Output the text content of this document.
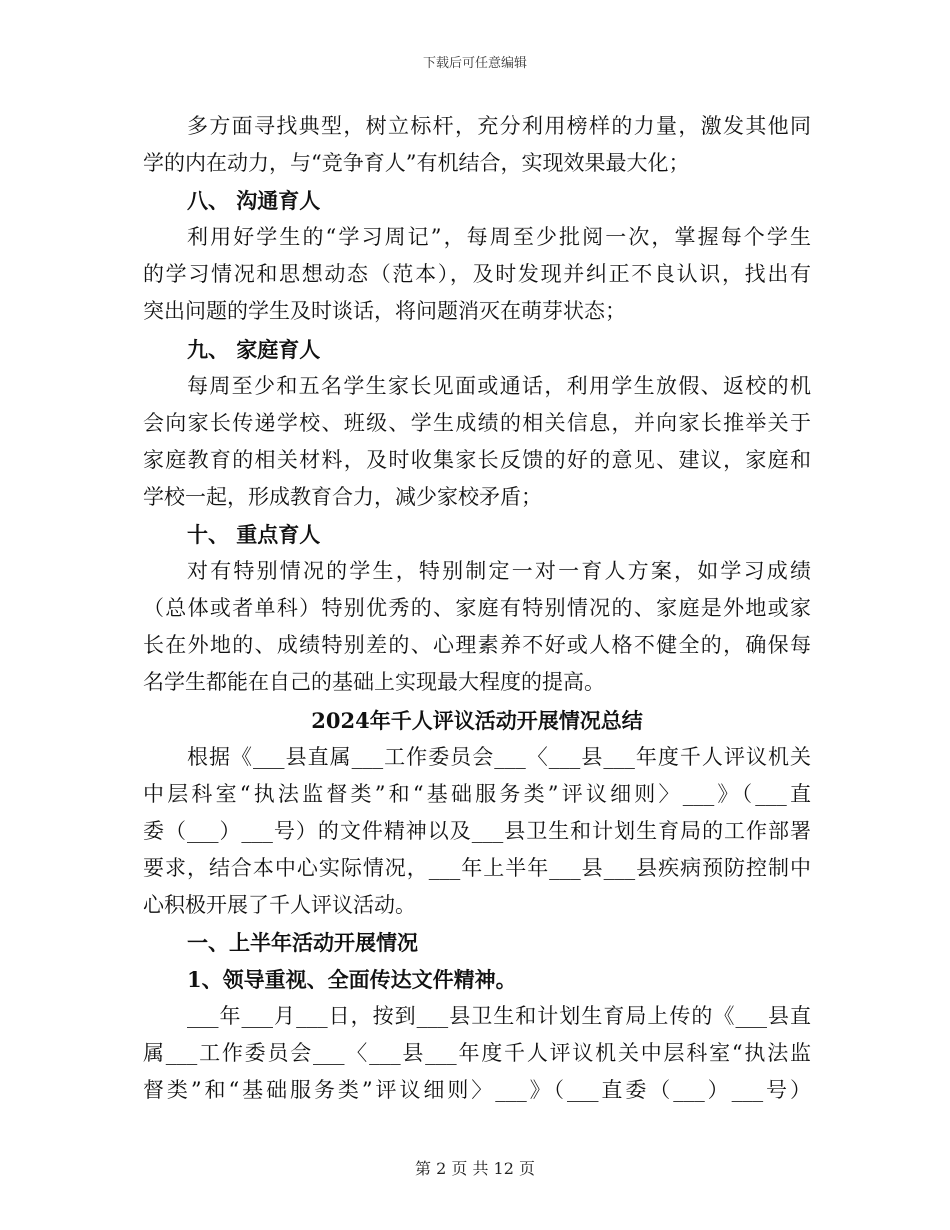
下载后可任意编辑
多方面寻找典型，树立标杆，充分利用榜样的力量，激发其他同
学的内在动力，与“竞争育人”有机结合，实现效果最大化；
八、 沟通育人
利用好学生的“学习周记”，每周至少批阅一次，掌握每个学生
的学习情况和思想动态（范本），及时发现并纠正不良认识，找出有
突出问题的学生及时谈话，将问题消灭在萌芽状态；
九、 家庭育人
每周至少和五名学生家长见面或通话，利用学生放假、返校的机
会向家长传递学校、班级、学生成绩的相关信息，并向家长推举关于
家庭教育的相关材料，及时收集家长反馈的好的意见、建议，家庭和
学校一起，形成教育合力，减少家校矛盾；
十、 重点育人
对有特别情况的学生，特别制定一对一育人方案，如学习成绩
（总体或者单科）特别优秀的、家庭有特别情况的、家庭是外地或家
长在外地的、成绩特别差的、心理素养不好或人格不健全的，确保每
名学生都能在自己的基础上实现最大程度的提高。
2024年千人评议活动开展情况总结
根据《___县直属___工作委员会___〈___县___年度千人评议机关
中层科室“执法监督类”和“基础服务类”评议细则〉___》（___直
委（___）___号）的文件精神以及___县卫生和计划生育局的工作部署
要求，结合本中心实际情况，___年上半年___县___县疾病预防控制中
心积极开展了千人评议活动。
一、上半年活动开展情况
1、领导重视、全面传达文件精神。
___年___月___日，按到___县卫生和计划生育局上传的《___县直
属___工作委员会___〈___县___年度千人评议机关中层科室“执法监
督类”和“基础服务类”评议细则〉___》（___直委（___）___号）
第 2 页 共 12 页
